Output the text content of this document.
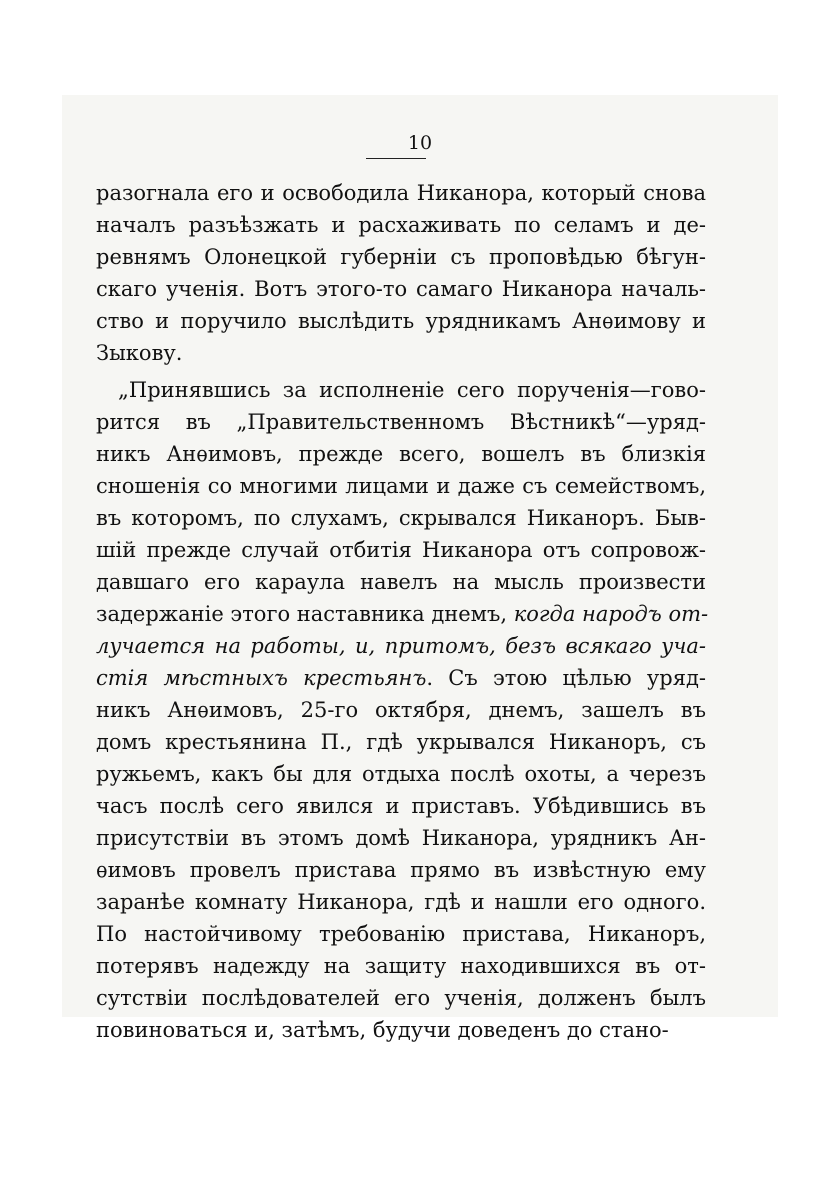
10
разогнала его и освободила Никанора, который снова
началъ разъѣзжать и расхаживать по селамъ и де-
ревнямъ Олонецкой губерніи съ проповѣдью бѣгун-
скаго ученія. Вотъ этого-то самаго Никанора началь-
ство и поручило выслѣдить урядникамъ Анѳимову и
Зыкову.
„Принявшись за исполненіе сего порученія—гово-
рится въ „Правительственномъ Вѣстникѣ“—уряд-
никъ Анѳимовъ, прежде всего, вошелъ въ близкія
сношенія со многими лицами и даже съ семействомъ,
въ которомъ, по слухамъ, скрывался Никаноръ. Быв-
шій прежде случай отбитія Никанора отъ сопровож-
давшаго его караула навелъ на мысль произвести
задержаніе этого наставника днемъ, когда народъ от-
лучается на работы, и, притомъ, безъ всякаго уча-
стія мѣстныхъ крестьянъ. Съ этою цѣлью уряд-
никъ Анѳимовъ, 25-го октября, днемъ, зашелъ въ
домъ крестьянина П., гдѣ укрывался Никаноръ, съ
ружьемъ, какъ бы для отдыха послѣ охоты, а черезъ
часъ послѣ сего явился и приставъ. Убѣдившись въ
присутствіи въ этомъ домѣ Никанора, урядникъ Ан-
ѳимовъ провелъ пристава прямо въ извѣстную ему
заранѣе комнату Никанора, гдѣ и нашли его одного.
По настойчивому требованію пристава, Никаноръ,
потерявъ надежду на защиту находившихся въ от-
сутствіи послѣдователей его ученія, долженъ былъ
повиноваться и, затѣмъ, будучи доведенъ до стано-
